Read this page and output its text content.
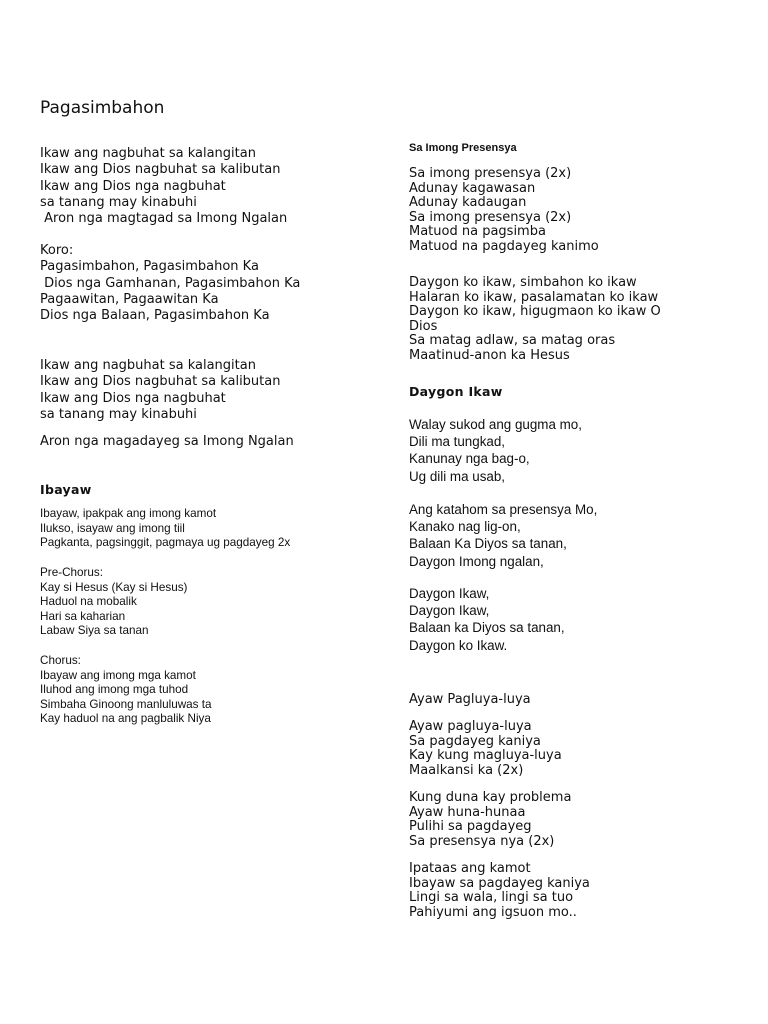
Pagasimbahon
Ikaw ang nagbuhat sa kalangitan
Ikaw ang Dios nagbuhat sa kalibutan
Ikaw ang Dios nga nagbuhat
sa tanang may kinabuhi
Aron nga magtagad sa Imong Ngalan
Koro:
Pagasimbahon, Pagasimbahon Ka
Dios nga Gamhanan, Pagasimbahon Ka
Pagaawitan, Pagaawitan Ka
Dios nga Balaan, Pagasimbahon Ka
Ikaw ang nagbuhat sa kalangitan
Ikaw ang Dios nagbuhat sa kalibutan
Ikaw ang Dios nga nagbuhat
sa tanang may kinabuhi
Aron nga magadayeg sa Imong Ngalan
Ibayaw
Ibayaw, ipakpak ang imong kamot
Ilukso, isayaw ang imong tiil
Pagkanta, pagsinggit, pagmaya ug pagdayeg 2x
Pre-Chorus:
Kay si Hesus (Kay si Hesus)
Haduol na mobalik
Hari sa kaharian
Labaw Siya sa tanan
Chorus:
Ibayaw ang imong mga kamot
Iluhod ang imong mga tuhod
Simbaha Ginoong manluluwas ta
Kay haduol na ang pagbalik Niya
Sa Imong Presensya
Sa imong presensya (2x)
Adunay kagawasan
Adunay kadaugan
Sa imong presensya (2x)
Matuod na pagsimba
Matuod na pagdayeg kanimo
Daygon ko ikaw, simbahon ko ikaw
Halaran ko ikaw, pasalamatan ko ikaw
Daygon ko ikaw, higugmaon ko ikaw O
Dios
Sa matag adlaw, sa matag oras
Maatinud-anon ka Hesus
Daygon Ikaw
Walay sukod ang gugma mo,
Dili ma tungkad,
Kanunay nga bag-o,
Ug dili ma usab,
Ang katahom sa presensya Mo,
Kanako nag lig-on,
Balaan Ka Diyos sa tanan,
Daygon Imong ngalan,
Daygon Ikaw,
Daygon Ikaw,
Balaan ka Diyos sa tanan,
Daygon ko Ikaw.
Ayaw Pagluya-luya
Ayaw pagluya-luya
Sa pagdayeg kaniya
Kay kung magluya-luya
Maalkansi ka (2x)
Kung duna kay problema
Ayaw huna-hunaa
Pulihi sa pagdayeg
Sa presensya nya (2x)
Ipataas ang kamot
Ibayaw sa pagdayeg kaniya
Lingi sa wala, lingi sa tuo
Pahiyumi ang igsuon mo..
